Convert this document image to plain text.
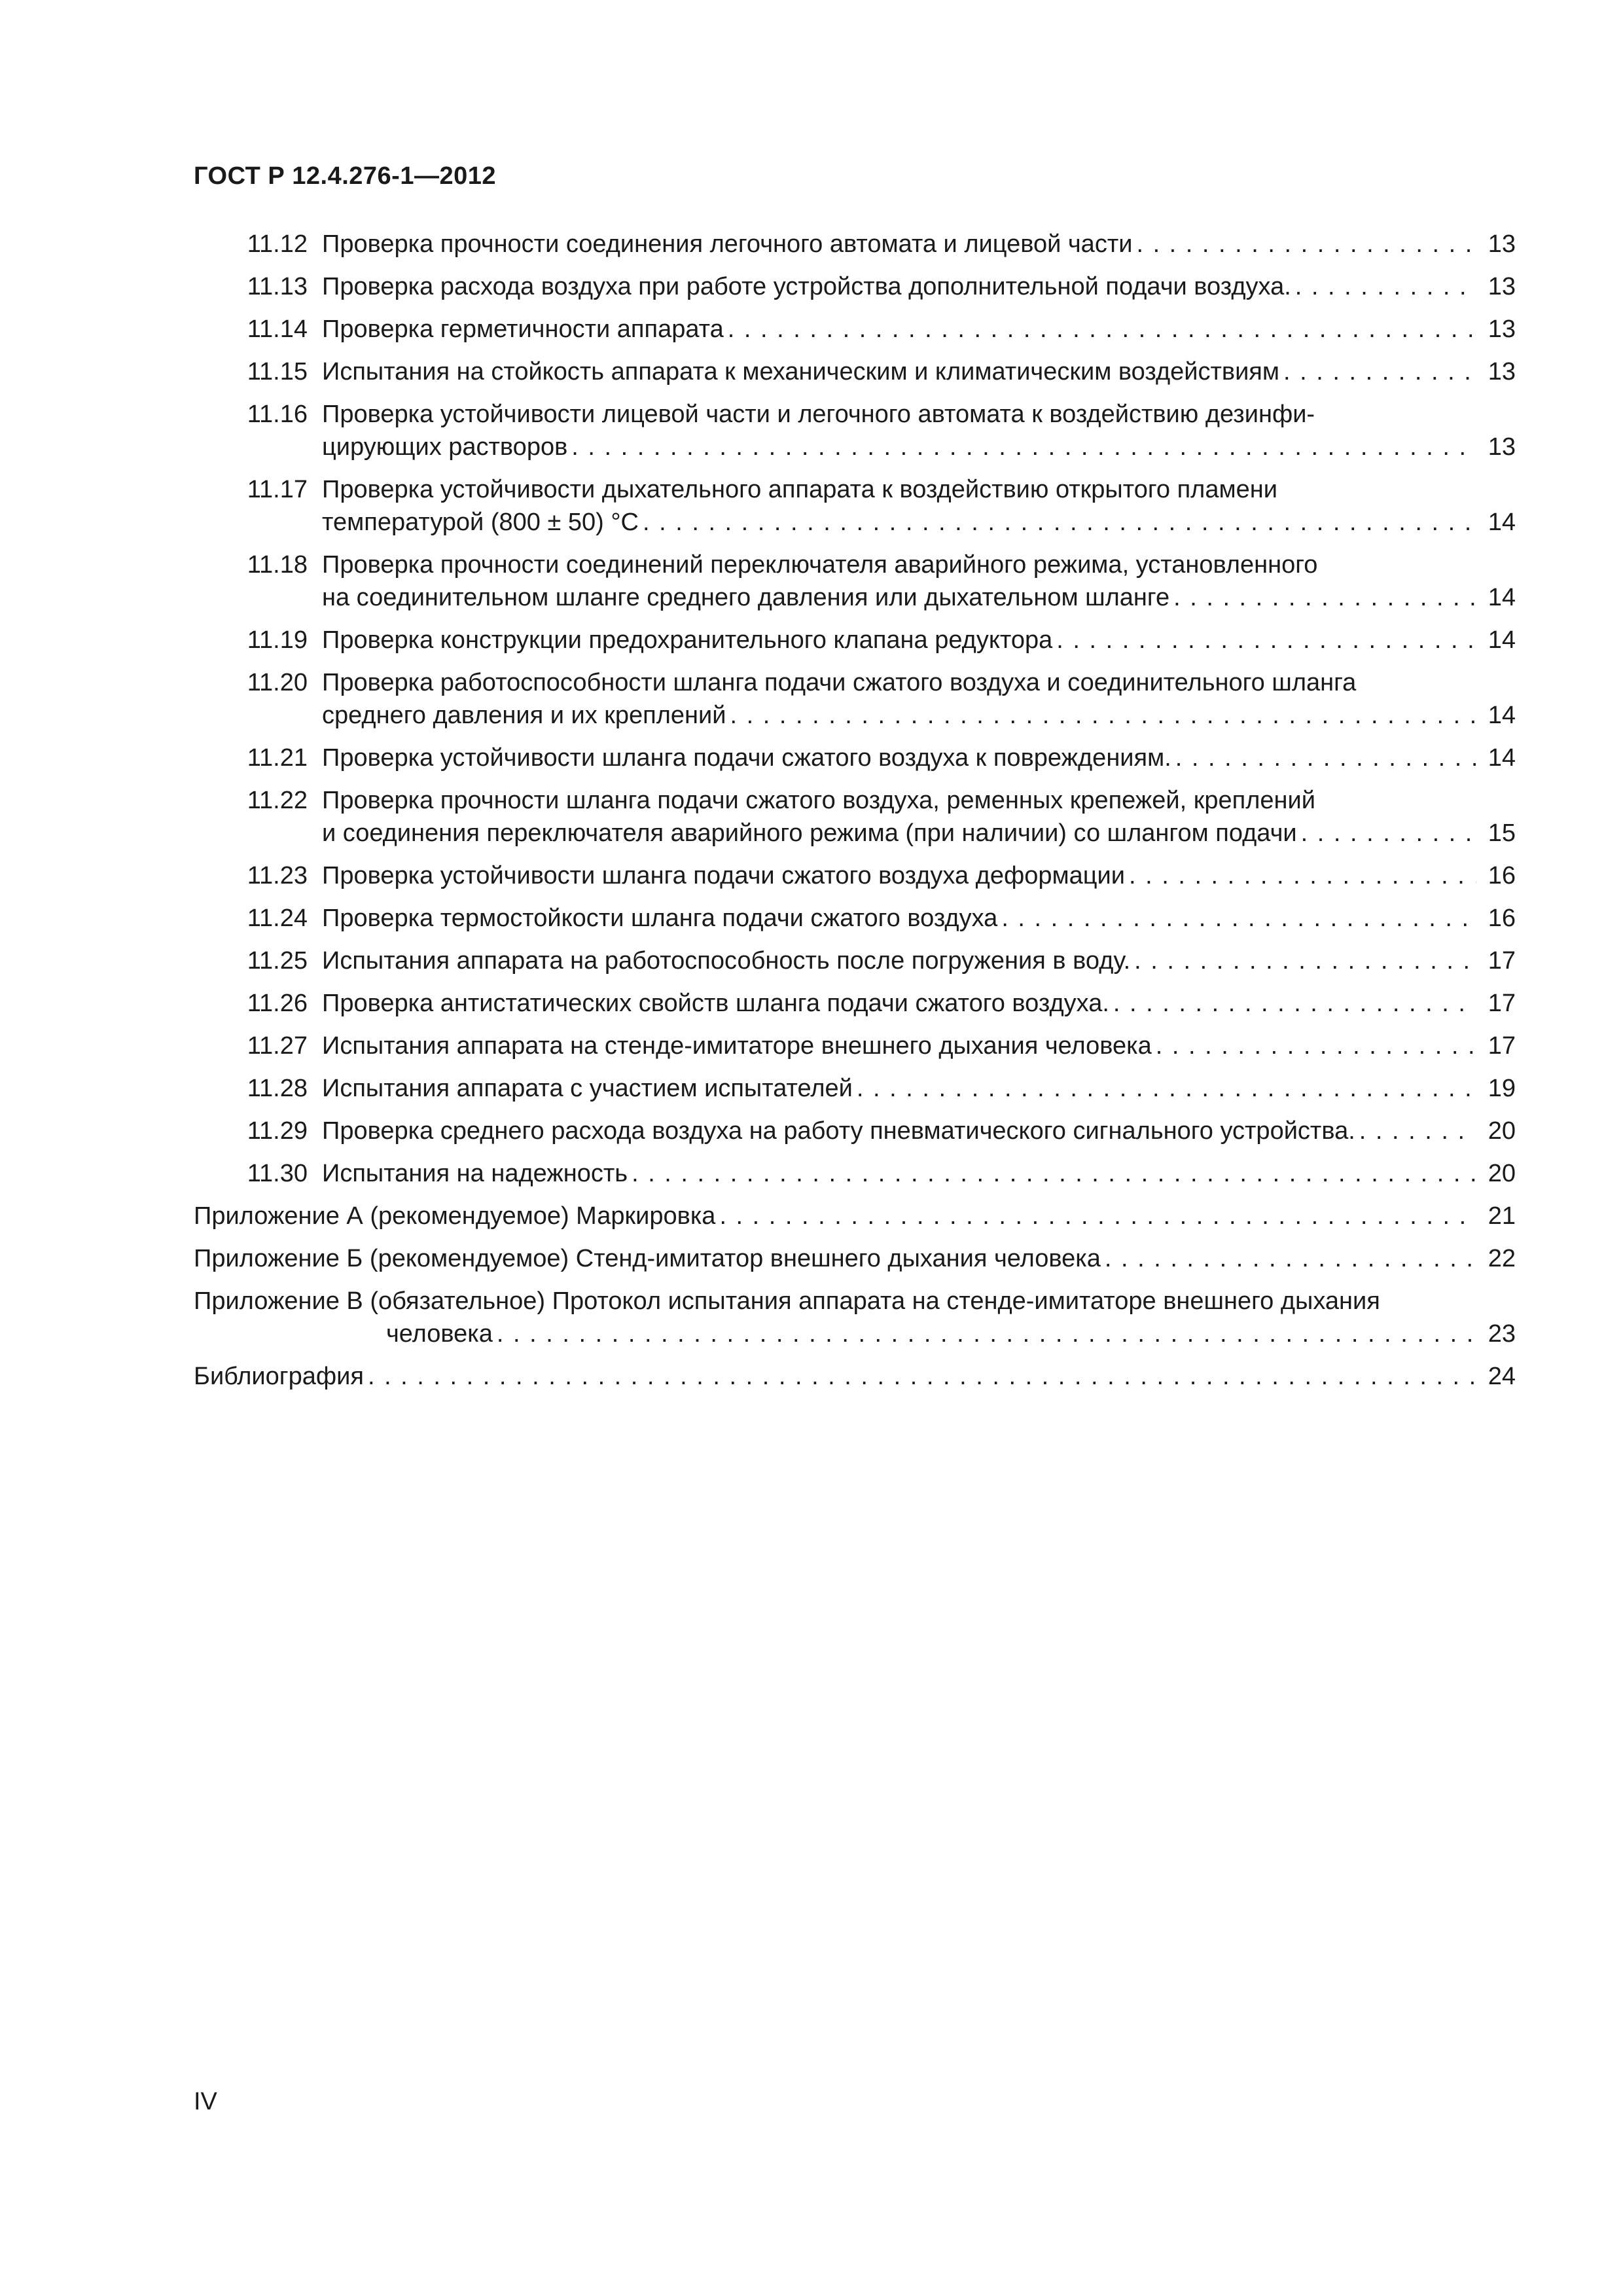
ГОСТ Р 12.4.276-1—2012
11.12 Проверка прочности соединения легочного автомата и лицевой части . . .	13
11.13 Проверка расхода воздуха при работе устройства дополнительной подачи воздуха. . . .	13
11.14 Проверка герметичности аппарата . . .	13
11.15 Испытания на стойкость аппарата к механическим и климатическим воздействиям . . .	13
11.16 Проверка устойчивости лицевой части и легочного автомата к воздействию дезинфи-
цирующих растворов . . .	13
11.17 Проверка устойчивости дыхательного аппарата к воздействию открытого пламени
температурой (800 ± 50) °С . . .	14
11.18 Проверка прочности соединений переключателя аварийного режима, установленного
на соединительном шланге среднего давления или дыхательном шланге . . .	14
11.19 Проверка конструкции предохранительного клапана редуктора . . .	14
11.20 Проверка работоспособности шланга подачи сжатого воздуха и соединительного шланга
среднего давления и их креплений . . .	14
11.21 Проверка устойчивости шланга подачи сжатого воздуха к повреждениям. . . .	14
11.22 Проверка прочности шланга подачи сжатого воздуха, ременных крепежей, креплений
и соединения переключателя аварийного режима (при наличии) со шлангом подачи . . .	15
11.23 Проверка устойчивости шланга подачи сжатого воздуха деформации . . .	16
11.24 Проверка термостойкости шланга подачи сжатого воздуха . . .	16
11.25 Испытания аппарата на работоспособность после погружения в воду. . . .	17
11.26 Проверка антистатических свойств шланга подачи сжатого воздуха. . . .	17
11.27 Испытания аппарата на стенде-имитаторе внешнего дыхания человека . . .	17
11.28 Испытания аппарата с участием испытателей . . .	19
11.29 Проверка среднего расхода воздуха на работу пневматического сигнального устройства. . . .	20
11.30 Испытания на надежность . . .	20
Приложение А (рекомендуемое) Маркировка . . .	21
Приложение Б (рекомендуемое) Стенд-имитатор внешнего дыхания человека . . .	22
Приложение В (обязательное) Протокол испытания аппарата на стенде-имитаторе внешнего дыхания
человека . . .	23
Библиография . . .	24
IV
